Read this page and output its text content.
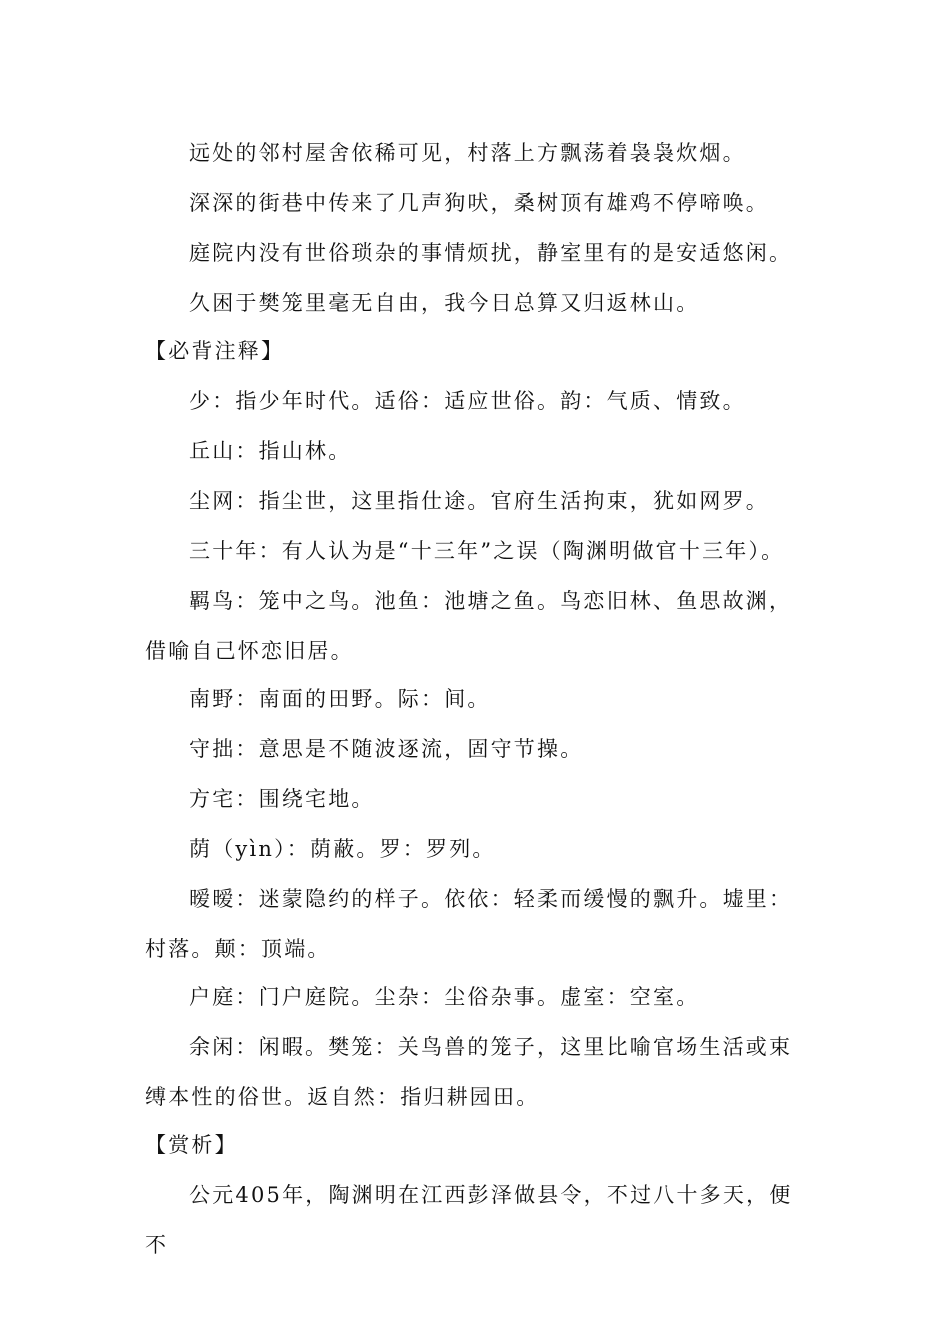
远处的邻村屋舍依稀可见，村落上方飘荡着袅袅炊烟。

深深的街巷中传来了几声狗吠，桑树顶有雄鸡不停啼唤。

庭院内没有世俗琐杂的事情烦扰，静室里有的是安适悠闲。

久困于樊笼里毫无自由，我今日总算又归返林山。

【必背注释】

少：指少年时代。适俗：适应世俗。韵：气质、情致。

丘山：指山林。

尘网：指尘世，这里指仕途。官府生活拘束，犹如网罗。

三十年：有人认为是“十三年”之误（陶渊明做官十三年）。

羁鸟：笼中之鸟。池鱼：池塘之鱼。鸟恋旧林、鱼思故渊，借喻自己怀恋旧居。

南野：南面的田野。际：间。

守拙：意思是不随波逐流，固守节操。

方宅：围绕宅地。

荫（yìn）：荫蔽。罗：罗列。

暧暧：迷蒙隐约的样子。依依：轻柔而缓慢的飘升。墟里：村落。颠：顶端。

户庭：门户庭院。尘杂：尘俗杂事。虚室：空室。

余闲：闲暇。樊笼：关鸟兽的笼子，这里比喻官场生活或束缚本性的俗世。返自然：指归耕园田。

【赏析】

公元405年，陶渊明在江西彭泽做县令，不过八十多天，便不
